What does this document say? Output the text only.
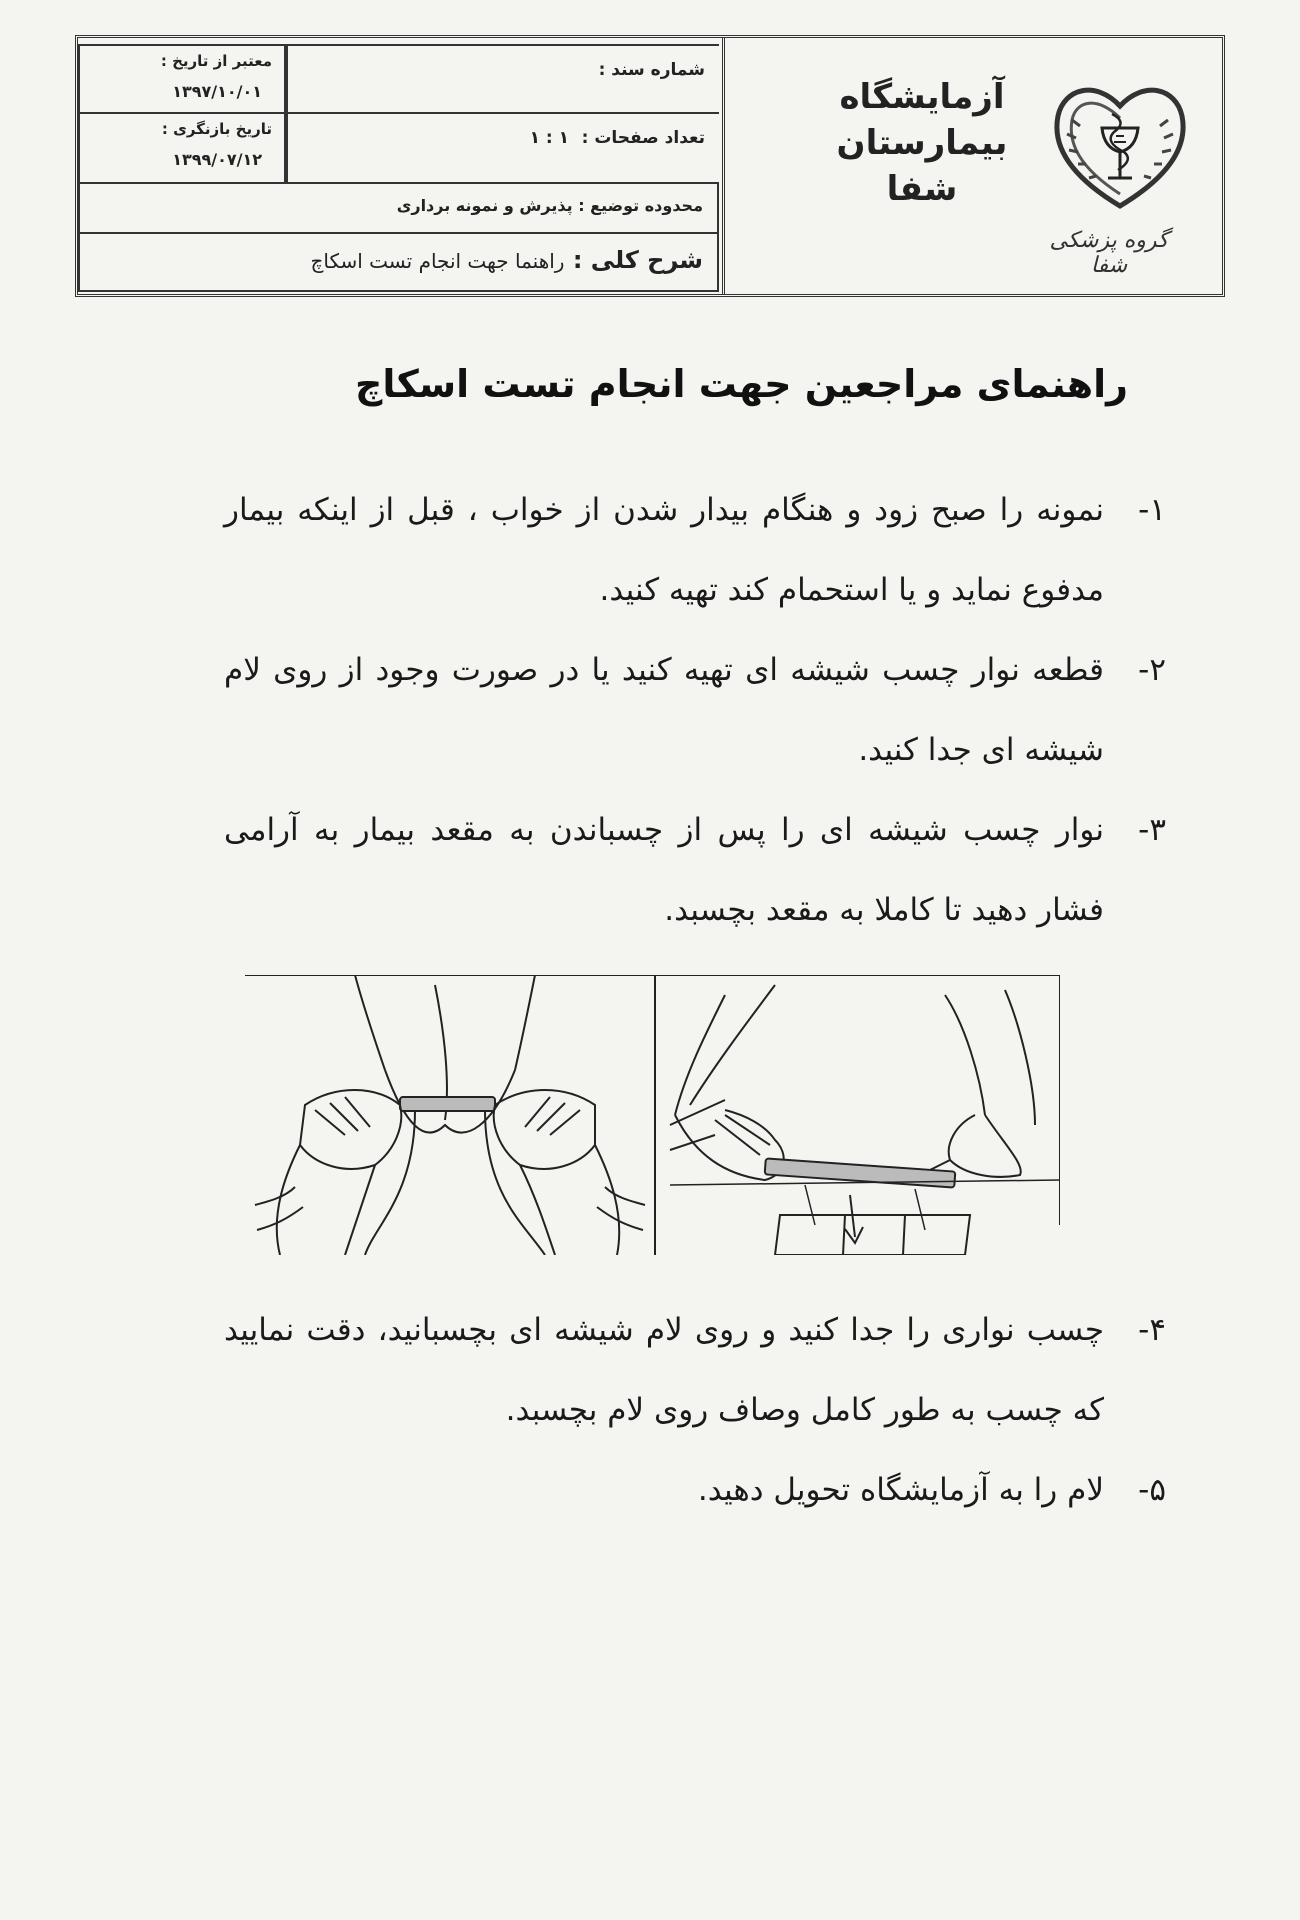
آزمایشگاه
بیمارستان
شفا
گروه پزشکی شفا
شماره سند :
تعداد صفحات :
۱ : ۱
معتبر از تاریخ :
۱۳۹۷/۱۰/۰۱
تاریخ بازنگری :
۱۳۹۹/۰۷/۱۲
محدوده توضیع : پذیرش و نمونه برداری
شرح کلی : راهنما جهت انجام تست اسکاچ
راهنمای مراجعین جهت انجام تست اسکاچ
۱-
نمونه را صبح زود و هنگام بیدار شدن از خواب ، قبل از اینکه بیمار مدفوع نماید و یا استحمام کند تهیه کنید.
۲-
قطعه نوار چسب شیشه ای تهیه کنید یا در صورت وجود از روی لام شیشه ای جدا کنید.
۳-
نوار چسب شیشه ای را پس از چسباندن به مقعد بیمار به آرامی فشار دهید تا کاملا به مقعد بچسبد.
۴-
چسب نواری را جدا کنید و روی لام شیشه ای بچسبانید، دقت نمایید که چسب به طور کامل وصاف روی لام بچسبد.
۵-
لام را به آزمایشگاه تحویل دهید.
